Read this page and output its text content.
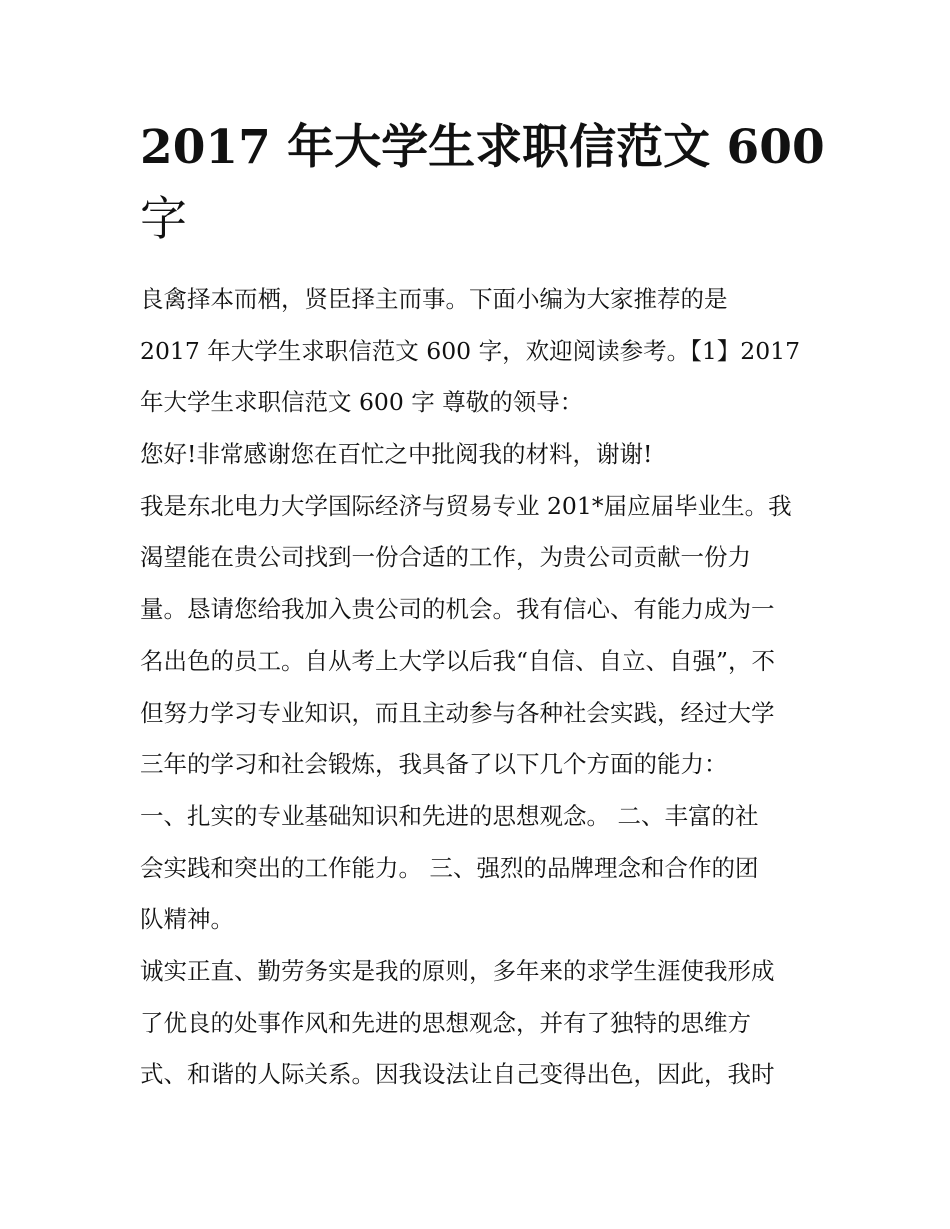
2017 年大学生求职信范文 600
字
良禽择本而栖，贤臣择主而事。下面小编为大家推荐的是
2017 年大学生求职信范文 600 字，欢迎阅读参考。【1】2017
年大学生求职信范文 600 字 尊敬的领导：
您好!非常感谢您在百忙之中批阅我的材料，谢谢!
我是东北电力大学国际经济与贸易专业 201*届应届毕业生。我
渴望能在贵公司找到一份合适的工作，为贵公司贡献一份力
量。恳请您给我加入贵公司的机会。我有信心、有能力成为一
名出色的员工。自从考上大学以后我“自信、自立、自强”，不
但努力学习专业知识，而且主动参与各种社会实践，经过大学
三年的学习和社会锻炼，我具备了以下几个方面的能力：
一、扎实的专业基础知识和先进的思想观念。 二、丰富的社
会实践和突出的工作能力。 三、强烈的品牌理念和合作的团
队精神。
诚实正直、勤劳务实是我的原则，多年来的求学生涯使我形成
了优良的处事作风和先进的思想观念，并有了独特的思维方
式、和谐的人际关系。因我设法让自己变得出色，因此，我时
